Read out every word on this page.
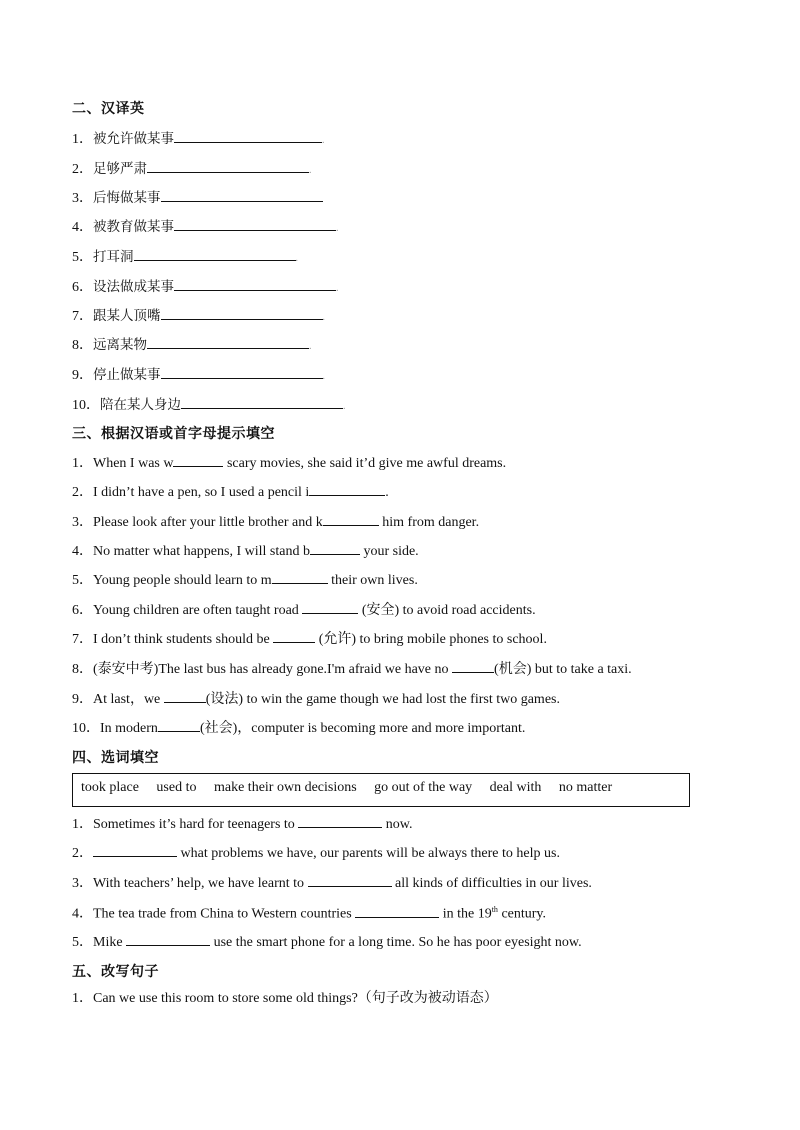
二、汉译英
1．被允许做某事	.
2．足够严肃	.
3．后悔做某事
4．被教育做某事	.
5．打耳洞	.
6．设法做成某事	.
7．跟某人顶嘴	.
8．远离某物	.
9．停止做某事	.
10．陪在某人身边	.
三、根据汉语或首字母提示填空
1．When I was w	scary movies, she said it’d give me awful dreams.
2．I didn’t have a pen, so I used a pencil i	.
3．Please look after your little brother and k	him from danger.
4．No matter what happens, I will stand b	your side.
5．Young people should learn to m	their own lives.
6．Young children are often taught road	(安全) to avoid road accidents.
7．I don’t think students should be	(允许) to bring mobile phones to school.
8．(泰安中考)The last bus has already gone.I'm afraid we have no	(机会) but to take a taxi.
9．At last，we	(设法) to win the game though we had lost the first two games.
10．In modern	(社会)，computer is becoming more and more important.
四、选词填空
took place used to make their own decisions go out of the way deal with no matter
1．Sometimes it’s hard for teenagers to	now.
2．	what problems we have, our parents will be always there to help us.
3．With teachers’ help, we have learnt to	all kinds of difficulties in our lives.
4．The tea trade from China to Western countries	in the 19th century.
5．Mike	use the smart phone for a long time. So he has poor eyesight now.
五、改写句子
1．Can we use this room to store some old things?（句子改为被动语态）
